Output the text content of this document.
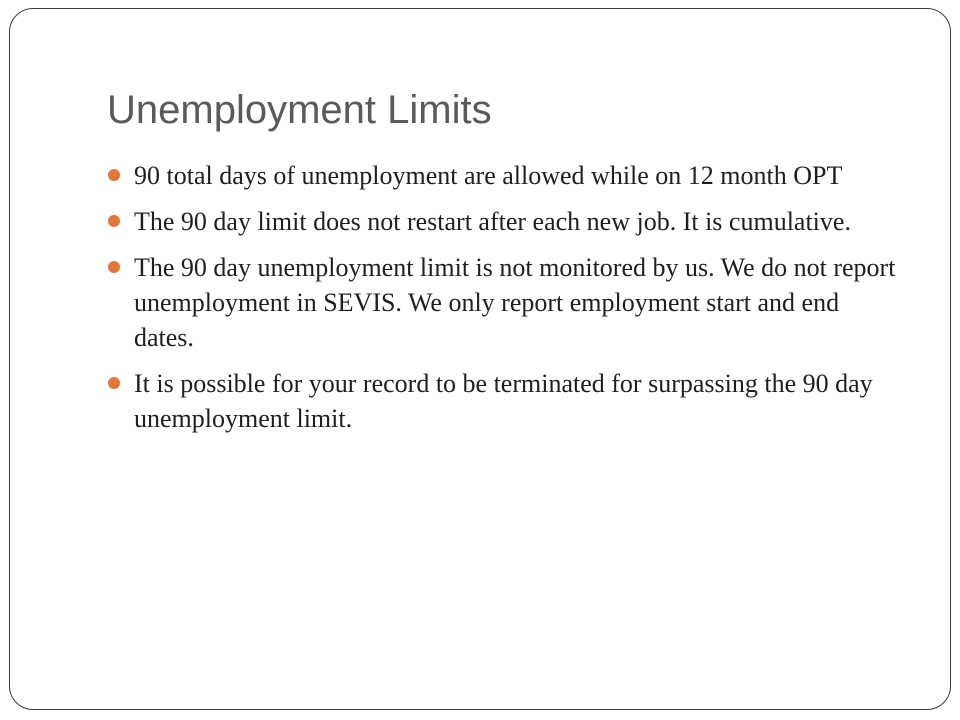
Unemployment Limits
90 total days of unemployment are allowed while on 12 month OPT
The 90 day limit does not restart after each new job. It is cumulative.
The 90 day unemployment limit is not monitored by us. We do not report unemployment in SEVIS. We only report employment start and end dates.
It is possible for your record to be terminated for surpassing the 90 day unemployment limit.
